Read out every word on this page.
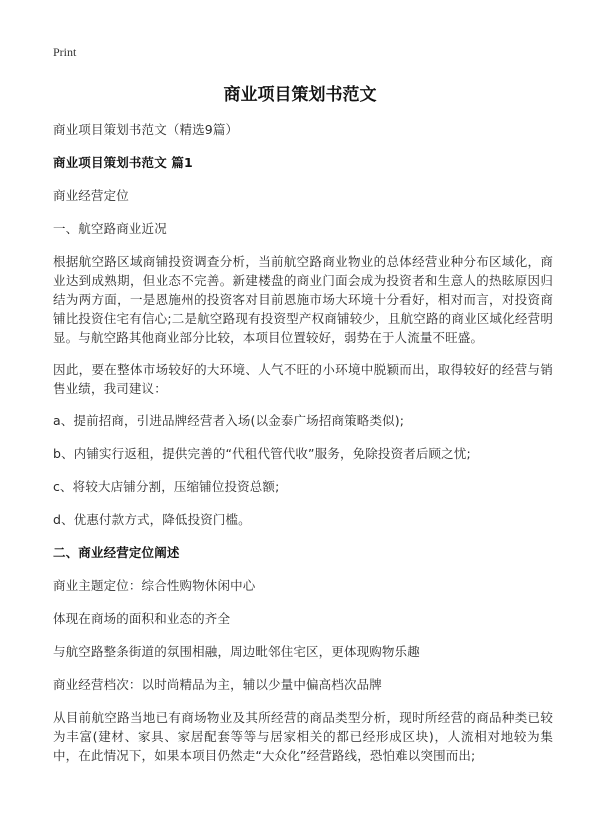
Print
商业项目策划书范文

商业项目策划书范文（精选9篇）

商业项目策划书范文 篇1

商业经营定位

一、航空路商业近况

根据航空路区域商铺投资调查分析，当前航空路商业物业的总体经营业种分布区域化，商业达到成熟期，但业态不完善。新建楼盘的商业门面会成为投资者和生意人的热眩原因归结为两方面，一是恩施州的投资客对目前恩施市场大环境十分看好，相对而言，对投资商铺比投资住宅有信心;二是航空路现有投资型产权商铺较少，且航空路的商业区域化经营明显。与航空路其他商业部分比较，本项目位置较好，弱势在于人流量不旺盛。

因此，要在整体市场较好的大环境、人气不旺的小环境中脱颖而出，取得较好的经营与销售业绩，我司建议：

a、提前招商，引进品牌经营者入场(以金泰广场招商策略类似);

b、内铺实行返租，提供完善的“代租代管代收”服务，免除投资者后顾之忧;

c、将较大店铺分割，压缩铺位投资总额;

d、优惠付款方式，降低投资门槛。

二、商业经营定位阐述

商业主题定位：综合性购物休闲中心

体现在商场的面积和业态的齐全

与航空路整条街道的氛围相融，周边毗邻住宅区，更体现购物乐趣

商业经营档次：以时尚精品为主，辅以少量中偏高档次品牌

从目前航空路当地已有商场物业及其所经营的商品类型分析，现时所经营的商品种类已较为丰富(建材、家具、家居配套等等与居家相关的都已经形成区块)，人流相对地较为集中，在此情况下，如果本项目仍然走“大众化”经营路线，恐怕难以突围而出;
